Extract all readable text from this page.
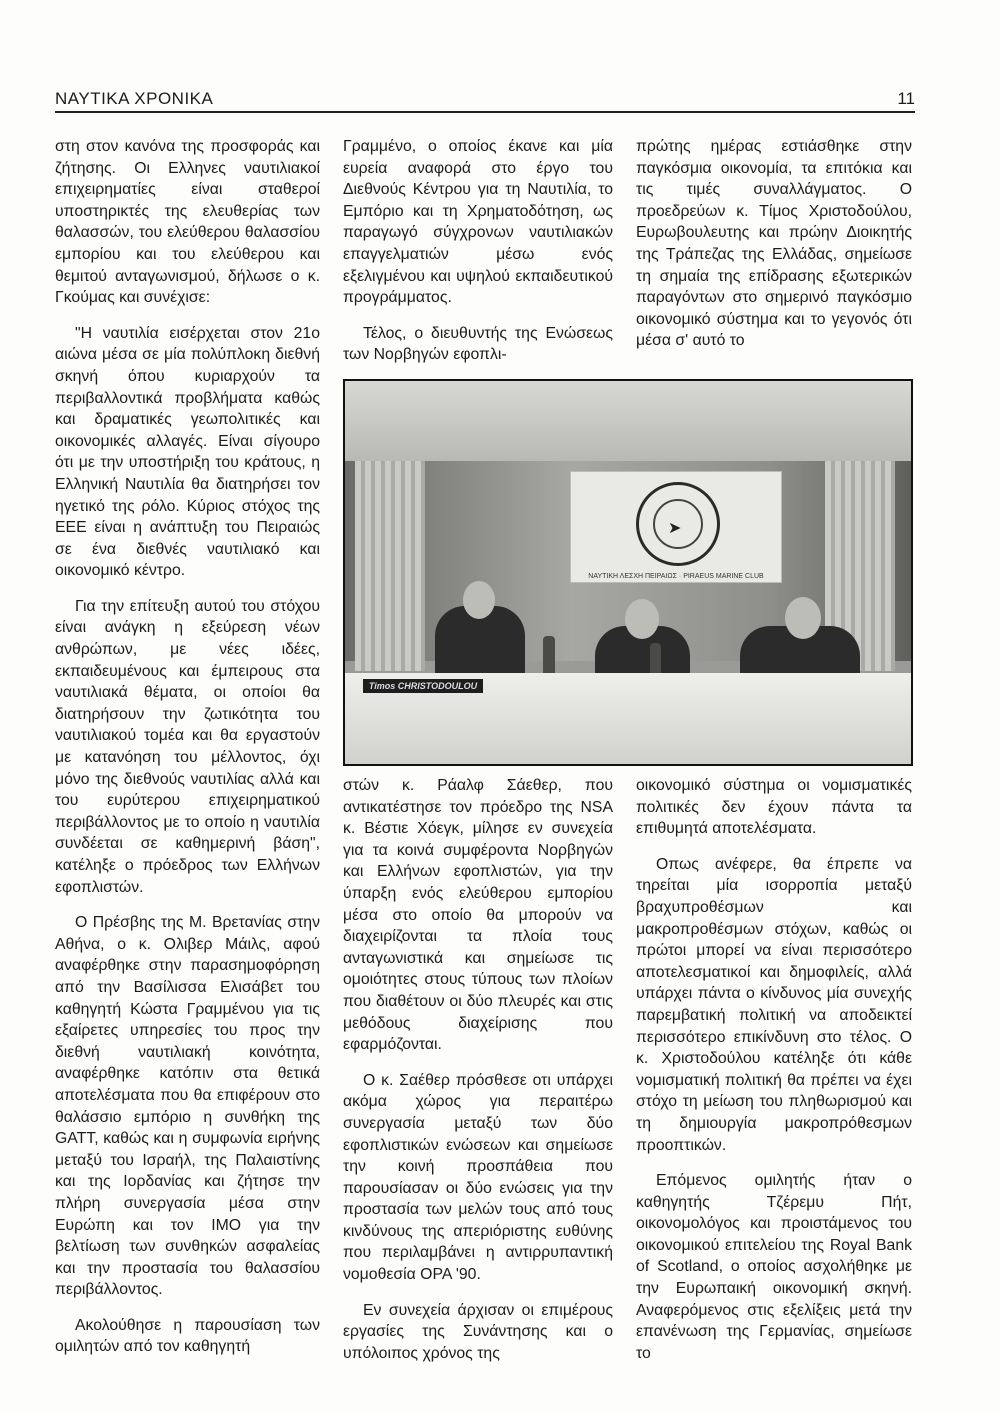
ΝΑΥΤΙΚΑ ΧΡΟΝΙΚΑ	11

στη στον κανόνα της προσφοράς και ζήτησης. Οι Ελληνες ναυτιλιακοί επιχειρηματίες είναι σταθεροί υποστηρικτές της ελευθερίας των θαλασσών, του ελεύθερου θαλασσίου εμπορίου και του ελεύθερου και θεμιτού ανταγωνισμού, δήλωσε ο κ. Γκούμας και συνέχισε:

"Η ναυτιλία εισέρχεται στον 21ο αιώνα μέσα σε μία πολύπλοκη διεθνή σκηνή όπου κυριαρχούν τα περιβαλλοντικά προβλήματα καθώς και δραματικές γεωπολιτικές και οικονομικές αλλαγές. Είναι σίγουρο ότι με την υποστήριξη του κράτους, η Ελληνική Ναυτιλία θα διατηρήσει τον ηγετικό της ρόλο. Κύριος στόχος της ΕΕΕ είναι η ανάπτυξη του Πειραιώς σε ένα διεθνές ναυτιλιακό και οικονομικό κέντρο.

Για την επίτευξη αυτού του στόχου είναι ανάγκη η εξεύρεση νέων ανθρώπων, με νέες ιδέες, εκπαιδευμένους και έμπειρους στα ναυτιλιακά θέματα, οι οποίοι θα διατηρήσουν την ζωτικότητα του ναυτιλιακού τομέα και θα εργαστούν με κατανόηση του μέλλοντος, όχι μόνο της διεθνούς ναυτιλίας αλλά και του ευρύτερου επιχειρηματικού περιβάλλοντος με το οποίο η ναυτιλία συνδέεται σε καθημερινή βάση", κατέληξε ο πρόεδρος των Ελλήνων εφοπλιστών.

Ο Πρέσβης της Μ. Βρετανίας στην Αθήνα, ο κ. Ολιβερ Μάιλς, αφού αναφέρθηκε στην παρασημοφόρηση από την Βασίλισσα Ελισάβετ του καθηγητή Κώστα Γραμμένου για τις εξαίρετες υπηρεσίες του προς την διεθνή ναυτιλιακή κοινότητα, αναφέρθηκε κατόπιν στα θετικά αποτελέσματα που θα επιφέρουν στο θαλάσσιο εμπόριο η συνθήκη της GATT, καθώς και η συμφωνία ειρήνης μεταξύ του Ισραήλ, της Παλαιστίνης και της Ιορδανίας και ζήτησε την πλήρη συνεργασία μέσα στην Ευρώπη και τον ΙΜΟ για την βελτίωση των συνθηκών ασφαλείας και την προστασία του θαλασσίου περιβάλλοντος.

Ακολούθησε η παρουσίαση των ομιλητών από τον καθηγητή

Γραμμένο, ο οποίος έκανε και μία ευρεία αναφορά στο έργο του Διεθνούς Κέντρου για τη Ναυτιλία, το Εμπόριο και τη Χρηματοδότηση, ως παραγωγό σύγχρονων ναυτιλιακών επαγγελματιών μέσω ενός εξελιγμένου και υψηλού εκπαιδευτικού προγράμματος.

Τέλος, ο διευθυντής της Ενώσεως των Νορβηγών εφοπλι-

πρώτης ημέρας εστιάσθηκε στην παγκόσμια οικονομία, τα επιτόκια και τις τιμές συναλλάγματος. Ο προεδρεύων κ. Τίμος Χριστοδούλου, Ευρωβουλευτης και πρώην Διοικητής της Τράπεζας της Ελλάδας, σημείωσε τη σημαία της επίδρασης εξωτερικών παραγόντων στο σημερινό παγκόσμιο οικονομικό σύστημα και το γεγονός ότι μέσα σ' αυτό το

➤
ΝΑΥΤΙΚΗ ΛΕΣΧΗ ΠΕΙΡΑΙΩΣ · PIRAEUS MARINE CLUB
Timos CHRISTODOULOU

στών κ. Ράαλφ Σάεθερ, που αντικατέστησε τον πρόεδρο της NSA κ. Βέστιε Χόεγκ, μίλησε εν συνεχεία για τα κοινά συμφέροντα Νορβηγών και Ελλήνων εφοπλιστών, για την ύπαρξη ενός ελεύθερου εμπορίου μέσα στο οποίο θα μπορούν να διαχειρίζονται τα πλοία τους ανταγωνιστικά και σημείωσε τις ομοιότητες στους τύπους των πλοίων που διαθέτουν οι δύο πλευρές και στις μεθόδους διαχείρισης που εφαρμόζονται.

Ο κ. Σαέθερ πρόσθεσε οτι υπάρχει ακόμα χώρος για περαιτέρω συνεργασία μεταξύ των δύο εφοπλιστικών ενώσεων και σημείωσε την κοινή προσπάθεια που παρουσίασαν οι δύο ενώσεις για την προστασία των μελών τους από τους κινδύνους της απεριόριστης ευθύνης που περιλαμβάνει η αντιρρυπαντική νομοθεσία OPA '90.

Εν συνεχεία άρχισαν οι επιμέρους εργασίες της Συνάντησης και ο υπόλοιπος χρόνος της

οικονομικό σύστημα οι νομισματικές πολιτικές δεν έχουν πάντα τα επιθυμητά αποτελέσματα.

Οπως ανέφερε, θα έπρεπε να τηρείται μία ισορροπία μεταξύ βραχυπροθέσμων και μακροπροθέσμων στόχων, καθώς οι πρώτοι μπορεί να είναι περισσότερο αποτελεσματικοί και δημοφιλείς, αλλά υπάρχει πάντα ο κίνδυνος μία συνεχής παρεμβατική πολιτική να αποδεικτεί περισσότερο επικίνδυνη στο τέλος. Ο κ. Χριστοδούλου κατέληξε ότι κάθε νομισματική πολιτική θα πρέπει να έχει στόχο τη μείωση του πληθωρισμού και τη δημιουργία μακροπρόθεσμων προοπτικών.

Επόμενος ομιλητής ήταν ο καθηγητής Τζέρεμυ Πήτ, οικονομολόγος και προιστάμενος του οικονομικού επιτελείου της Royal Bank of Scotland, ο οποίος ασχολήθηκε με την Ευρωπαική οικονομική σκηνή. Αναφερόμενος στις εξελίξεις μετά την επανένωση της Γερμανίας, σημείωσε το
